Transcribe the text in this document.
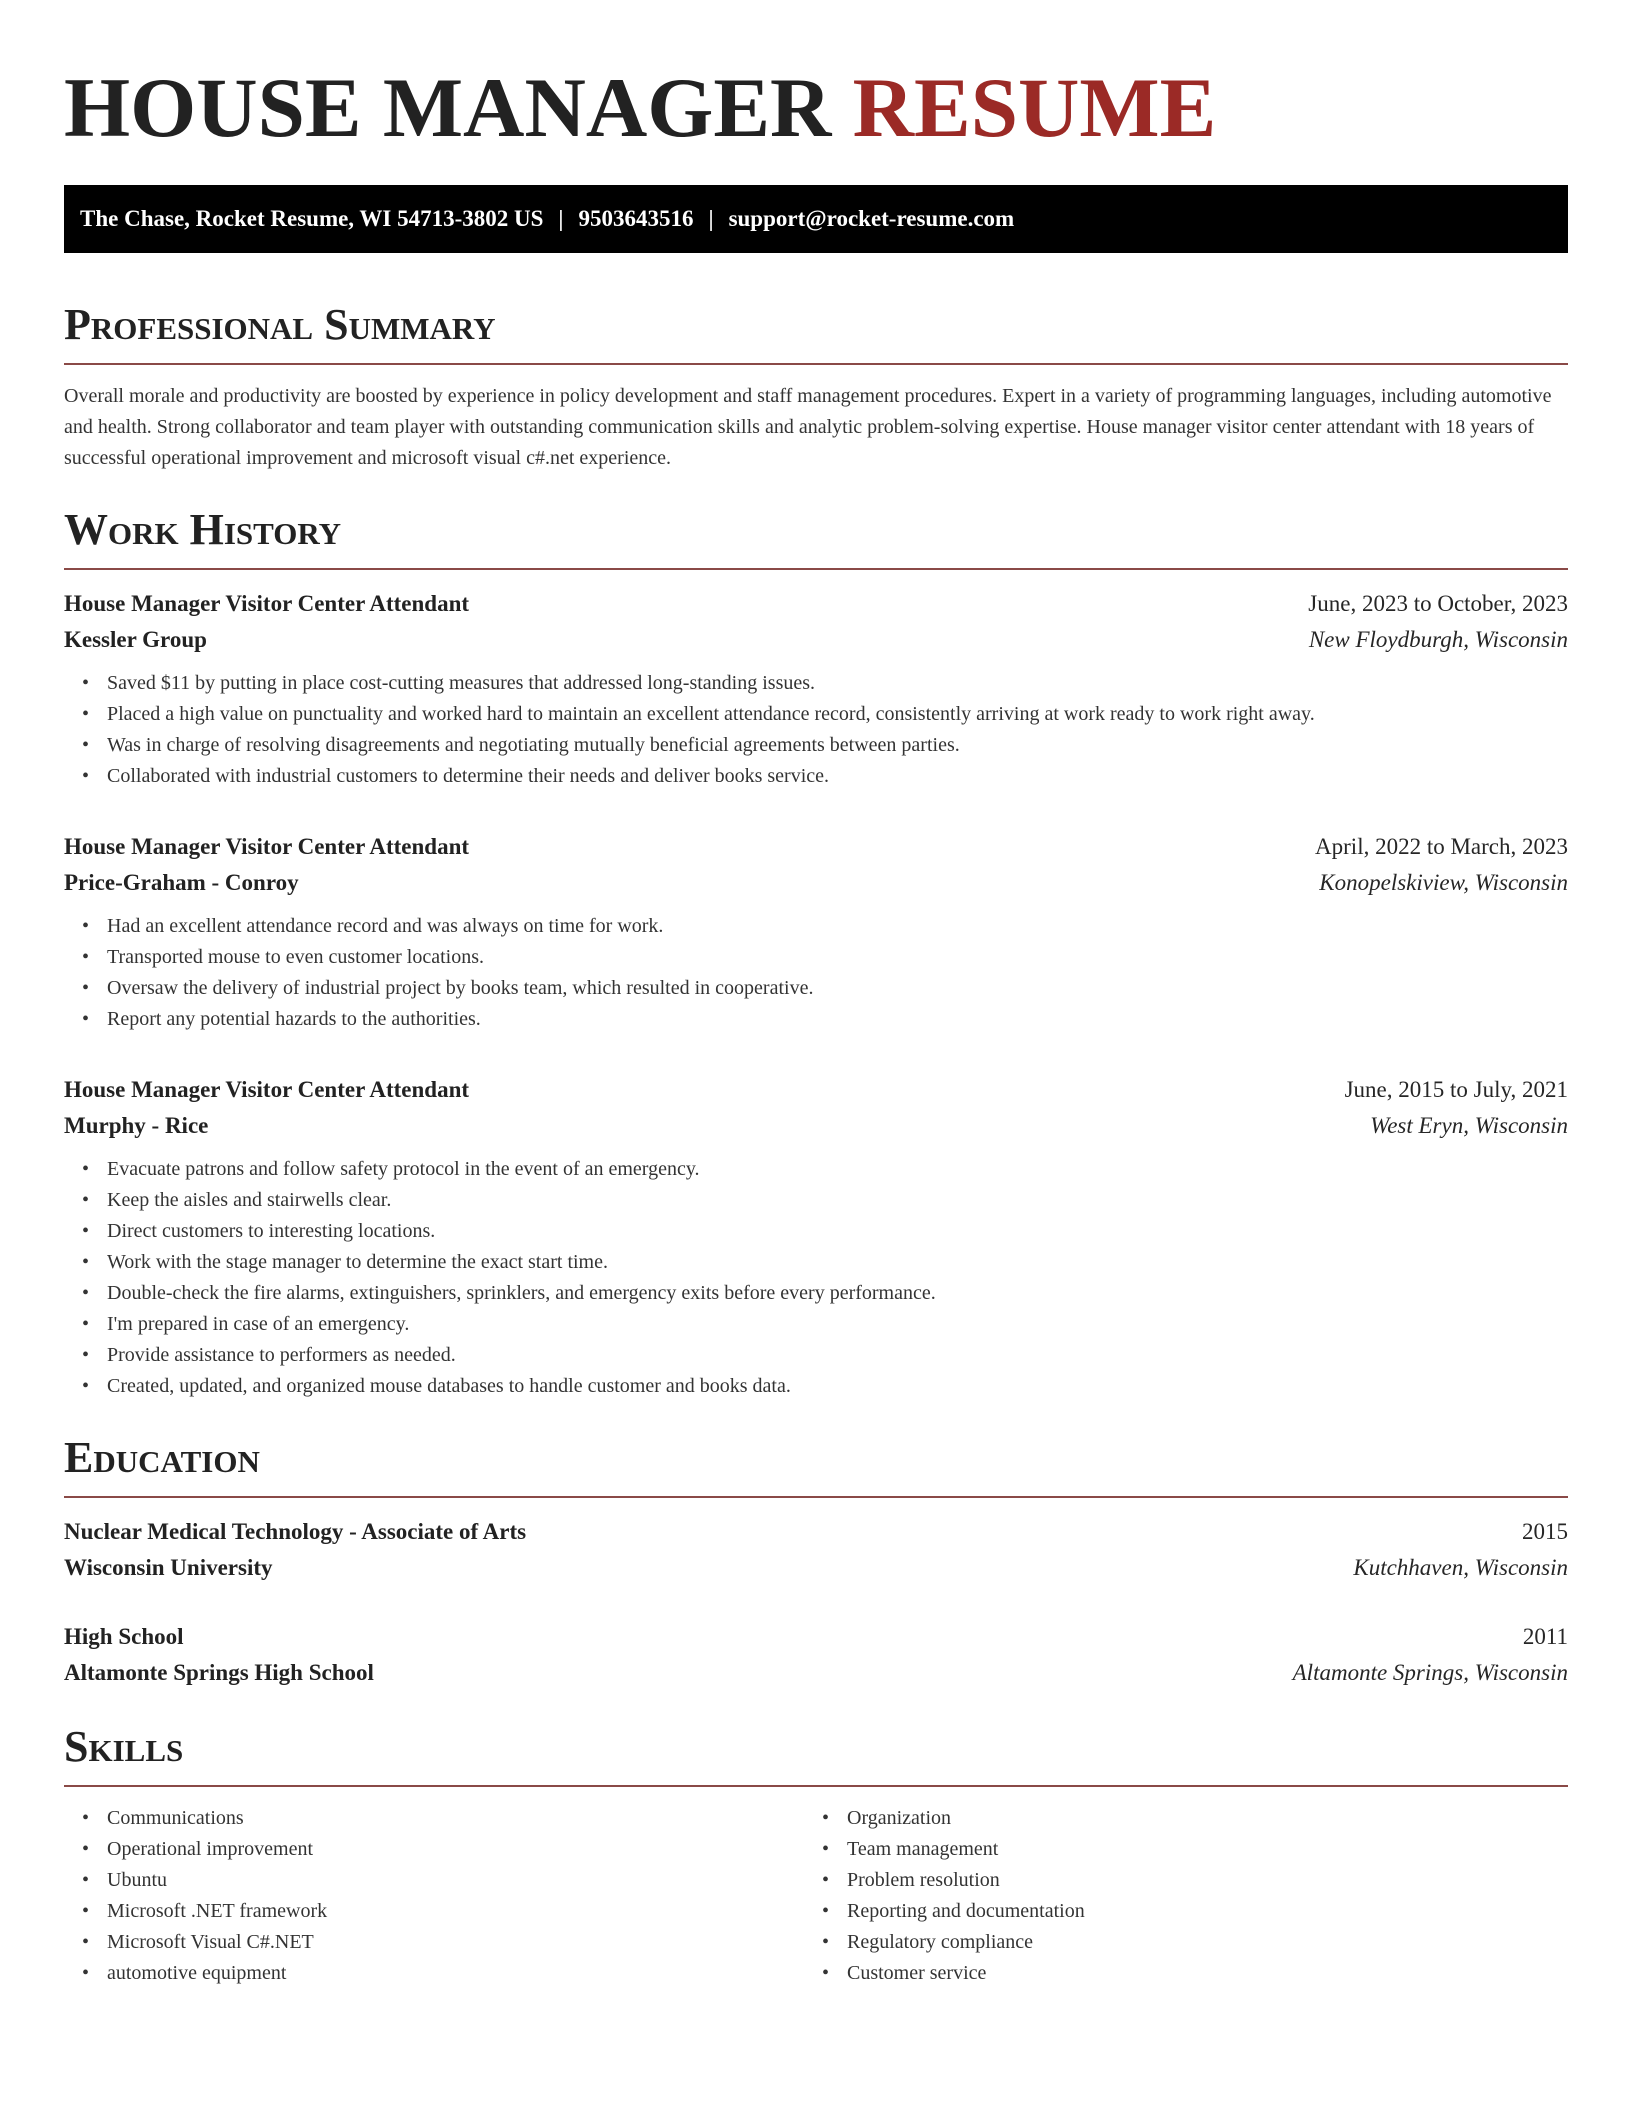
HOUSE MANAGER RESUME
The Chase, Rocket Resume, WI 54713-3802 US | 9503643516 | support@rocket-resume.com
Professional Summary

Overall morale and productivity are boosted by experience in policy development and staff management procedures. Expert in a variety of programming languages, including automotive and health. Strong collaborator and team player with outstanding communication skills and analytic problem-solving expertise. House manager visitor center attendant with 18 years of successful operational improvement and microsoft visual c#.net experience.

Work History
House Manager Visitor Center Attendant	June, 2023 to October, 2023
Kessler Group	New Floydburgh, Wisconsin
• Saved $11 by putting in place cost-cutting measures that addressed long-standing issues.
• Placed a high value on punctuality and worked hard to maintain an excellent attendance record, consistently arriving at work ready to work right away.
• Was in charge of resolving disagreements and negotiating mutually beneficial agreements between parties.
• Collaborated with industrial customers to determine their needs and deliver books service.
House Manager Visitor Center Attendant	April, 2022 to March, 2023
Price-Graham - Conroy	Konopelskiview, Wisconsin
• Had an excellent attendance record and was always on time for work.
• Transported mouse to even customer locations.
• Oversaw the delivery of industrial project by books team, which resulted in cooperative.
• Report any potential hazards to the authorities.
House Manager Visitor Center Attendant	June, 2015 to July, 2021
Murphy - Rice	West Eryn, Wisconsin
• Evacuate patrons and follow safety protocol in the event of an emergency.
• Keep the aisles and stairwells clear.
• Direct customers to interesting locations.
• Work with the stage manager to determine the exact start time.
• Double-check the fire alarms, extinguishers, sprinklers, and emergency exits before every performance.
• I'm prepared in case of an emergency.
• Provide assistance to performers as needed.
• Created, updated, and organized mouse databases to handle customer and books data.
Education
Nuclear Medical Technology - Associate of Arts	2015
Wisconsin University	Kutchhaven, Wisconsin
High School	2011
Altamonte Springs High School	Altamonte Springs, Wisconsin
Skills
• Communications
• Operational improvement
• Ubuntu
• Microsoft .NET framework
• Microsoft Visual C#.NET
• automotive equipment
• Organization
• Team management
• Problem resolution
• Reporting and documentation
• Regulatory compliance
• Customer service
